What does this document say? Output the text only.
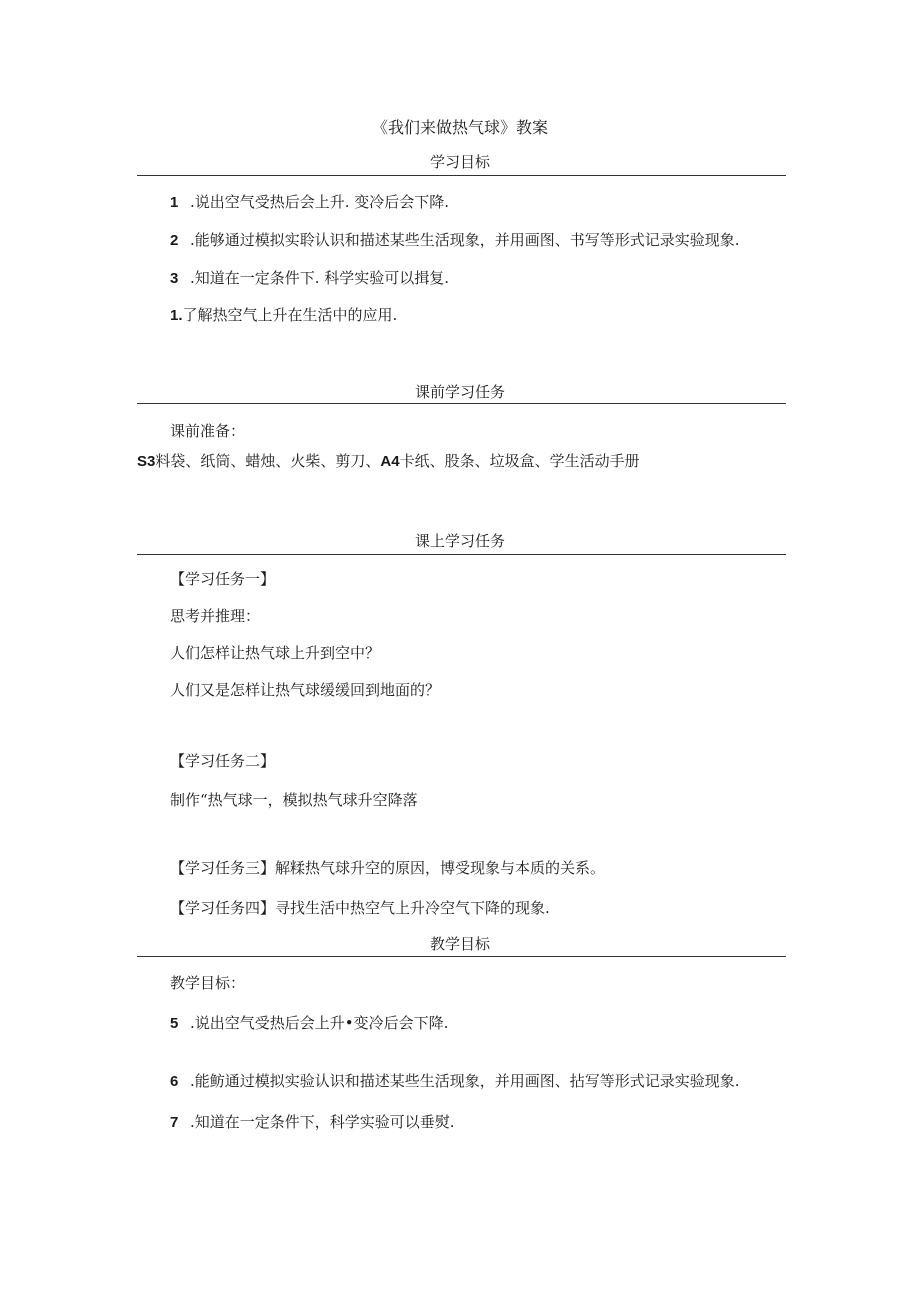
《我们来做热气球》教案
学习目标
1 .说出空气受热后会上升. 变冷后会下降.
2 .能够通过模拟实聆认识和描述某些生活现象，并用画图、书写等形式记录实验现象.
3 .知道在一定条件下. 科学实验可以揖复.
1.了解热空气上升在生活中的应用.
课前学习任务
课前准备：
S3料袋、纸筒、蜡烛、火柴、剪刀、A4卡纸、股条、垃圾盒、学生活动手册
课上学习任务
【学习任务一】
思考并推理：
人们怎样让热气球上升到空中？
人们又是怎样让热气球缓缓回到地面的？
【学习任务二】
制作“热气球一，模拟热气球升空降落
【学习任务三】解糅热气球升空的原因，博受现象与本质的关系。
【学习任务四】寻找生活中热空气上升冷空气下降的现象.
教学目标
教学目标：
5 .说出空气受热后会上升•变冷后会下降.
6 .能鲂通过模拟实验认识和描述某些生活现象，并用画图、拈写等形式记录实验现象.
7 .知道在一定条件下，科学实验可以垂熨.
